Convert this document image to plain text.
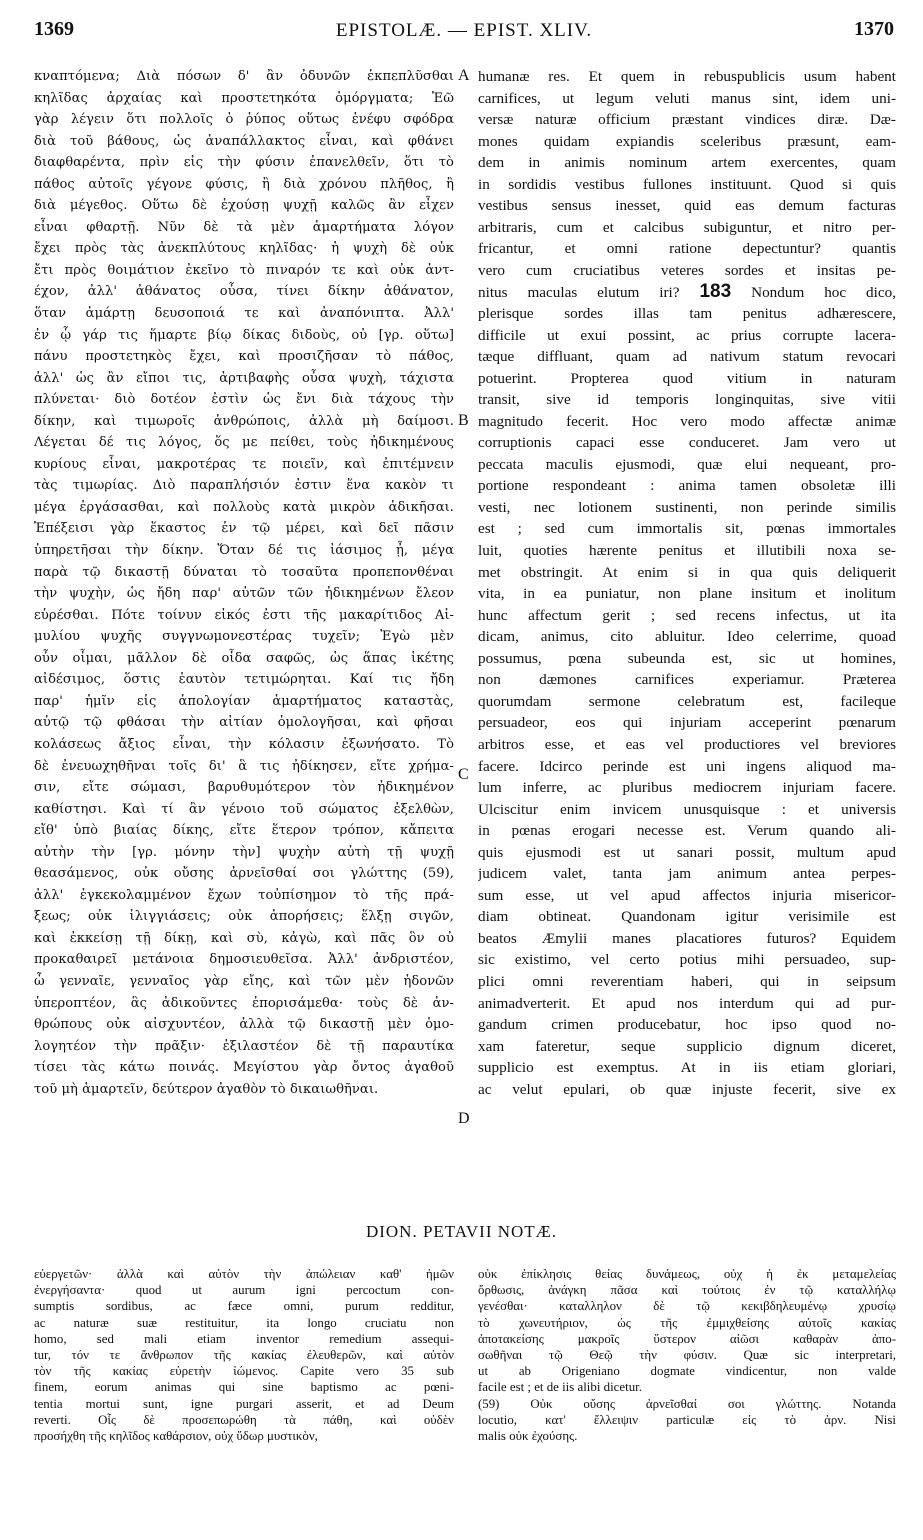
1369	EPISTOLÆ. — EPIST. XLIV.	1370
κναπτόμενα; Διὰ πόσων δ' ἂν ὀδυνῶν ἐκπεπλῦσθαι
κηλῖδας ἀρχαίας καὶ προστετηκότα ὀμόργματα; Ἐῶ
γὰρ λέγειν ὅτι πολλοῖς ὁ ῥύπος οὕτως ἐνέφυ σφόδρα
διὰ τοῦ βάθους, ὡς ἀναπάλλακτος εἶναι, καὶ φθάνει
διαφθαρέντα, πρὶν εἰς τὴν φύσιν ἐπανελθεῖν, ὅτι τὸ
πάθος αὐτοῖς γέγονε φύσις, ἢ διὰ χρόνου πλῆθος, ἢ
διὰ μέγεθος. Οὕτω δὲ ἐχούσῃ ψυχῇ καλῶς ἂν εἶχεν
εἶναι φθαρτῇ. Νῦν δὲ τὰ μὲν ἁμαρτήματα λόγον
ἔχει πρὸς τὰς ἀνεκπλύτους κηλῖδας· ἡ ψυχὴ δὲ οὐκ
ἔτι πρὸς θοιμάτιον ἐκεῖνο τὸ πιναρόν τε καὶ οὐκ ἀντ-
έχον, ἀλλ' ἀθάνατος οὖσα, τίνει δίκην ἀθάνατον,
ὅταν ἁμάρτῃ δευσοποιά τε καὶ ἀναπόνιπτα. Ἀλλ'
ἐν ᾧ γάρ τις ἥμαρτε βίῳ δίκας διδοὺς, οὐ [γρ. οὕτω]
πάνυ προστετηκὸς ἔχει, καὶ προσιζῆσαν τὸ πάθος,
ἀλλ' ὡς ἂν εἴποι τις, ἀρτιβαφὴς οὖσα ψυχὴ, τάχιστα
πλύνεται· διὸ δοτέον ἐστὶν ὡς ἔνι διὰ τάχους τὴν
δίκην, καὶ τιμωροῖς ἀνθρώποις, ἀλλὰ μὴ δαίμοσι.
Λέγεται δέ τις λόγος, ὅς με πείθει, τοὺς ἠδικημένους
κυρίους εἶναι, μακροτέρας τε ποιεῖν, καὶ ἐπιτέμνειν
τὰς τιμωρίας. Διὸ παραπλήσιόν ἐστιν ἕνα κακὸν τι
μέγα ἐργάσασθαι, καὶ πολλοὺς κατὰ μικρὸν ἀδικῆσαι.
Ἐπέξεισι γὰρ ἕκαστος ἐν τῷ μέρει, καὶ δεῖ πᾶσιν
ὑπηρετῆσαι τὴν δίκην. Ὅταν δέ τις ἰάσιμος ᾖ, μέγα
παρὰ τῷ δικαστῇ δύναται τὸ τοσαῦτα προπεπονθέναι
τὴν ψυχὴν, ὡς ἤδη παρ' αὐτῶν τῶν ἠδικημένων ἔλεον
εὑρέσθαι. Πότε τοίνυν εἰκός ἐστι τῆς μακαρίτιδος Αἰ-
μυλίου ψυχῆς συγγνωμονεστέρας τυχεῖν; Ἐγὼ μὲν
οὖν οἶμαι, μᾶλλον δὲ οἶδα σαφῶς, ὡς ἅπας ἱκέτης
αἰδέσιμος, ὅστις ἑαυτὸν τετιμώρηται. Καί τις ἤδη
παρ' ἡμῖν εἰς ἀπολογίαν ἁμαρτήματος καταστὰς,
αὐτῷ τῷ φθάσαι τὴν αἰτίαν ὁμολογῆσαι, καὶ φῆσαι
κολάσεως ἄξιος εἶναι, τὴν κόλασιν ἐξωνήσατο. Τὸ
δὲ ἐνευωχηθῆναι τοῖς δι' ἃ τις ἠδίκησεν, εἴτε χρήμα-
σιν, εἴτε σώμασι, βαρυθυμότερον τὸν ἠδικημένον
καθίστησι. Καὶ τί ἂν γένοιο τοῦ σώματος ἐξελθὼν,
εἴθ' ὑπὸ βιαίας δίκης, εἴτε ἕτερον τρόπον, κἄπειτα
αὐτὴν τὴν [γρ. μόνην τὴν] ψυχὴν αὐτὴ τῇ ψυχῇ
θεασάμενος, οὐκ οὔσης ἀρνεῖσθαί σοι γλώττης (59),
ἀλλ' ἐγκεκολαμμένον ἔχων τοὐπίσημον τὸ τῆς πρά-
ξεως; οὐκ ἰλιγγιάσεις; οὐκ ἀπορήσεις; ἕλξῃ σιγῶν,
καὶ ἐκκείσῃ τῇ δίκῃ, καὶ σὺ, κἀγὼ, καὶ πᾶς ὃν οὐ
προκαθαιρεῖ μετάνοια δημοσιευθεῖσα. Ἀλλ' ἀνδριστέον,
ὦ γενναῖε, γενναῖος γὰρ εἴης, καὶ τῶν μὲν ἡδονῶν
ὑπεροπτέον, ἃς ἀδικοῦντες ἐπορισάμεθα· τοὺς δὲ ἀν-
θρώπους οὐκ αἰσχυντέον, ἀλλὰ τῷ δικαστῇ μὲν ὁμο-
λογητέον τὴν πρᾶξιν· ἐξιλαστέον δὲ τῇ παραυτίκα
τίσει τὰς κάτω ποινάς. Μεγίστου γὰρ ὄντος ἀγαθοῦ
τοῦ μὴ ἁμαρτεῖν, δεύτερον ἀγαθὸν τὸ δικαιωθῆναι.
humanæ res. Et quem in rebuspublicis usum habent
carnifices, ut legum veluti manus sint, idem uni-
versæ naturæ officium præstant vindices diræ. Dæ-
mones quidam expiandis sceleribus præsunt, eam-
dem in animis nominum artem exercentes, quam
in sordidis vestibus fullones instituunt. Quod si quis
vestibus sensus inesset, quid eas demum facturas
arbitraris, cum et calcibus subiguntur, et nitro per-
fricantur, et omni ratione depectuntur? quantis
vero cum cruciatibus veteres sordes et insitas pe-
nitus maculas elutum iri? 183 Nondum hoc dico,
plerisque sordes illas tam penitus adhærescere,
difficile ut exui possint, ac prius corrupte lacera-
tæque diffluant, quam ad nativum statum revocari
potuerint. Propterea quod vitium in naturam
transit, sive id temporis longinquitas, sive vitii
magnitudo fecerit. Hoc vero modo affectæ animæ
corruptionis capaci esse conduceret. Jam vero ut
peccata maculis ejusmodi, quæ elui nequeant, pro-
portione respondeant : anima tamen obsoletæ illi
vesti, nec lotionem sustinenti, non perinde similis
est ; sed cum immortalis sit, pœnas immortales
luit, quoties hærente penitus et illutibili noxa se-
met obstringit. At enim si in qua quis deliquerit
vita, in ea puniatur, non plane insitum et inolitum
hunc affectum gerit ; sed recens infectus, ut ita
dicam, animus, cito abluitur. Ideo celerrime, quoad
possumus, pœna subeunda est, sic ut homines,
non dæmones carnifices experiamur. Præterea
quorumdam sermone celebratum est, facileque
persuadeor, eos qui injuriam acceperint pœnarum
arbitros esse, et eas vel productiores vel breviores
facere. Idcirco perinde est uni ingens aliquod ma-
lum inferre, ac pluribus mediocrem injuriam facere.
Ulciscitur enim invicem unusquisque : et universis
in pœnas erogari necesse est. Verum quando ali-
quis ejusmodi est ut sanari possit, multum apud
judicem valet, tanta jam animum antea perpes-
sum esse, ut vel apud affectos injuria misericor-
diam obtineat. Quandonam igitur verisimile est
beatos Æmylii manes placatiores futuros? Equidem
sic existimo, vel certo potius mihi persuadeo, sup-
plici omni reverentiam haberi, qui in seipsum
animadverterit. Et apud nos interdum qui ad pur-
gandum crimen producebatur, hoc ipso quod no-
xam fateretur, seque supplicio dignum diceret,
supplicio est exemptus. At in iis etiam gloriari,
ac velut epulari, ob quæ injuste fecerit, sive ex
A
B
C
D
DION. PETAVII NOTÆ.
εὐεργετῶν· ἀλλὰ καὶ αὐτὸν τὴν ἀπώλειαν καθ' ἡμῶν
ἐνεργήσαντα· quod ut aurum igni percoctum con-
sumptis sordibus, ac fæce omni, purum redditur,
ac naturæ suæ restituitur, ita longo cruciatu non
homo, sed mali etiam inventor remedium assequi-
tur, τόν τε ἄνθρωπον τῆς κακίας ἐλευθερῶν, καὶ αὐτὸν
τὸν τῆς κακίας εὑρετὴν ἰώμενος. Capite vero 35 sub
finem, eorum animas qui sine baptismo ac pœni-
tentia mortui sunt, igne purgari asserit, et ad Deum
reverti. Οἷς δὲ προσεπωρώθη τὰ πάθη, καὶ οὐδὲν
προσήχθη τῆς κηλῖδος καθάρσιον, οὐχ ὕδωρ μυστικὸν,
οὐκ ἐπίκλησις θείας δυνάμεως, οὐχ ἡ ἐκ μεταμελείας
ὄρθωσις, ἀνάγκη πᾶσα καὶ τούτοις ἐν τῷ καταλλήλῳ
γενέσθαι· καταλληλον δὲ τῷ κεκιβδηλευμένῳ χρυσίῳ
τὸ χωνευτήριον, ὡς τῆς ἐμμιχθείσης αὐτοῖς κακίας
ἀποτακείσης μακροῖς ὕστερον αἰῶσι καθαρὰν ἀπο-
σωθῆναι τῷ Θεῷ τὴν φύσιν. Quæ sic interpretari,
ut ab Origeniano dogmate vindicentur, non valde
facile est ; et de iis alibi dicetur.
(59) Οὐκ οὔσης ἀρνεῖσθαί σοι γλώττης. Notanda
locutio, κατ' ἔλλειψιν particulæ εἰς τὸ ἀρν. Nisi
malis οὐκ ἐχούσης.
